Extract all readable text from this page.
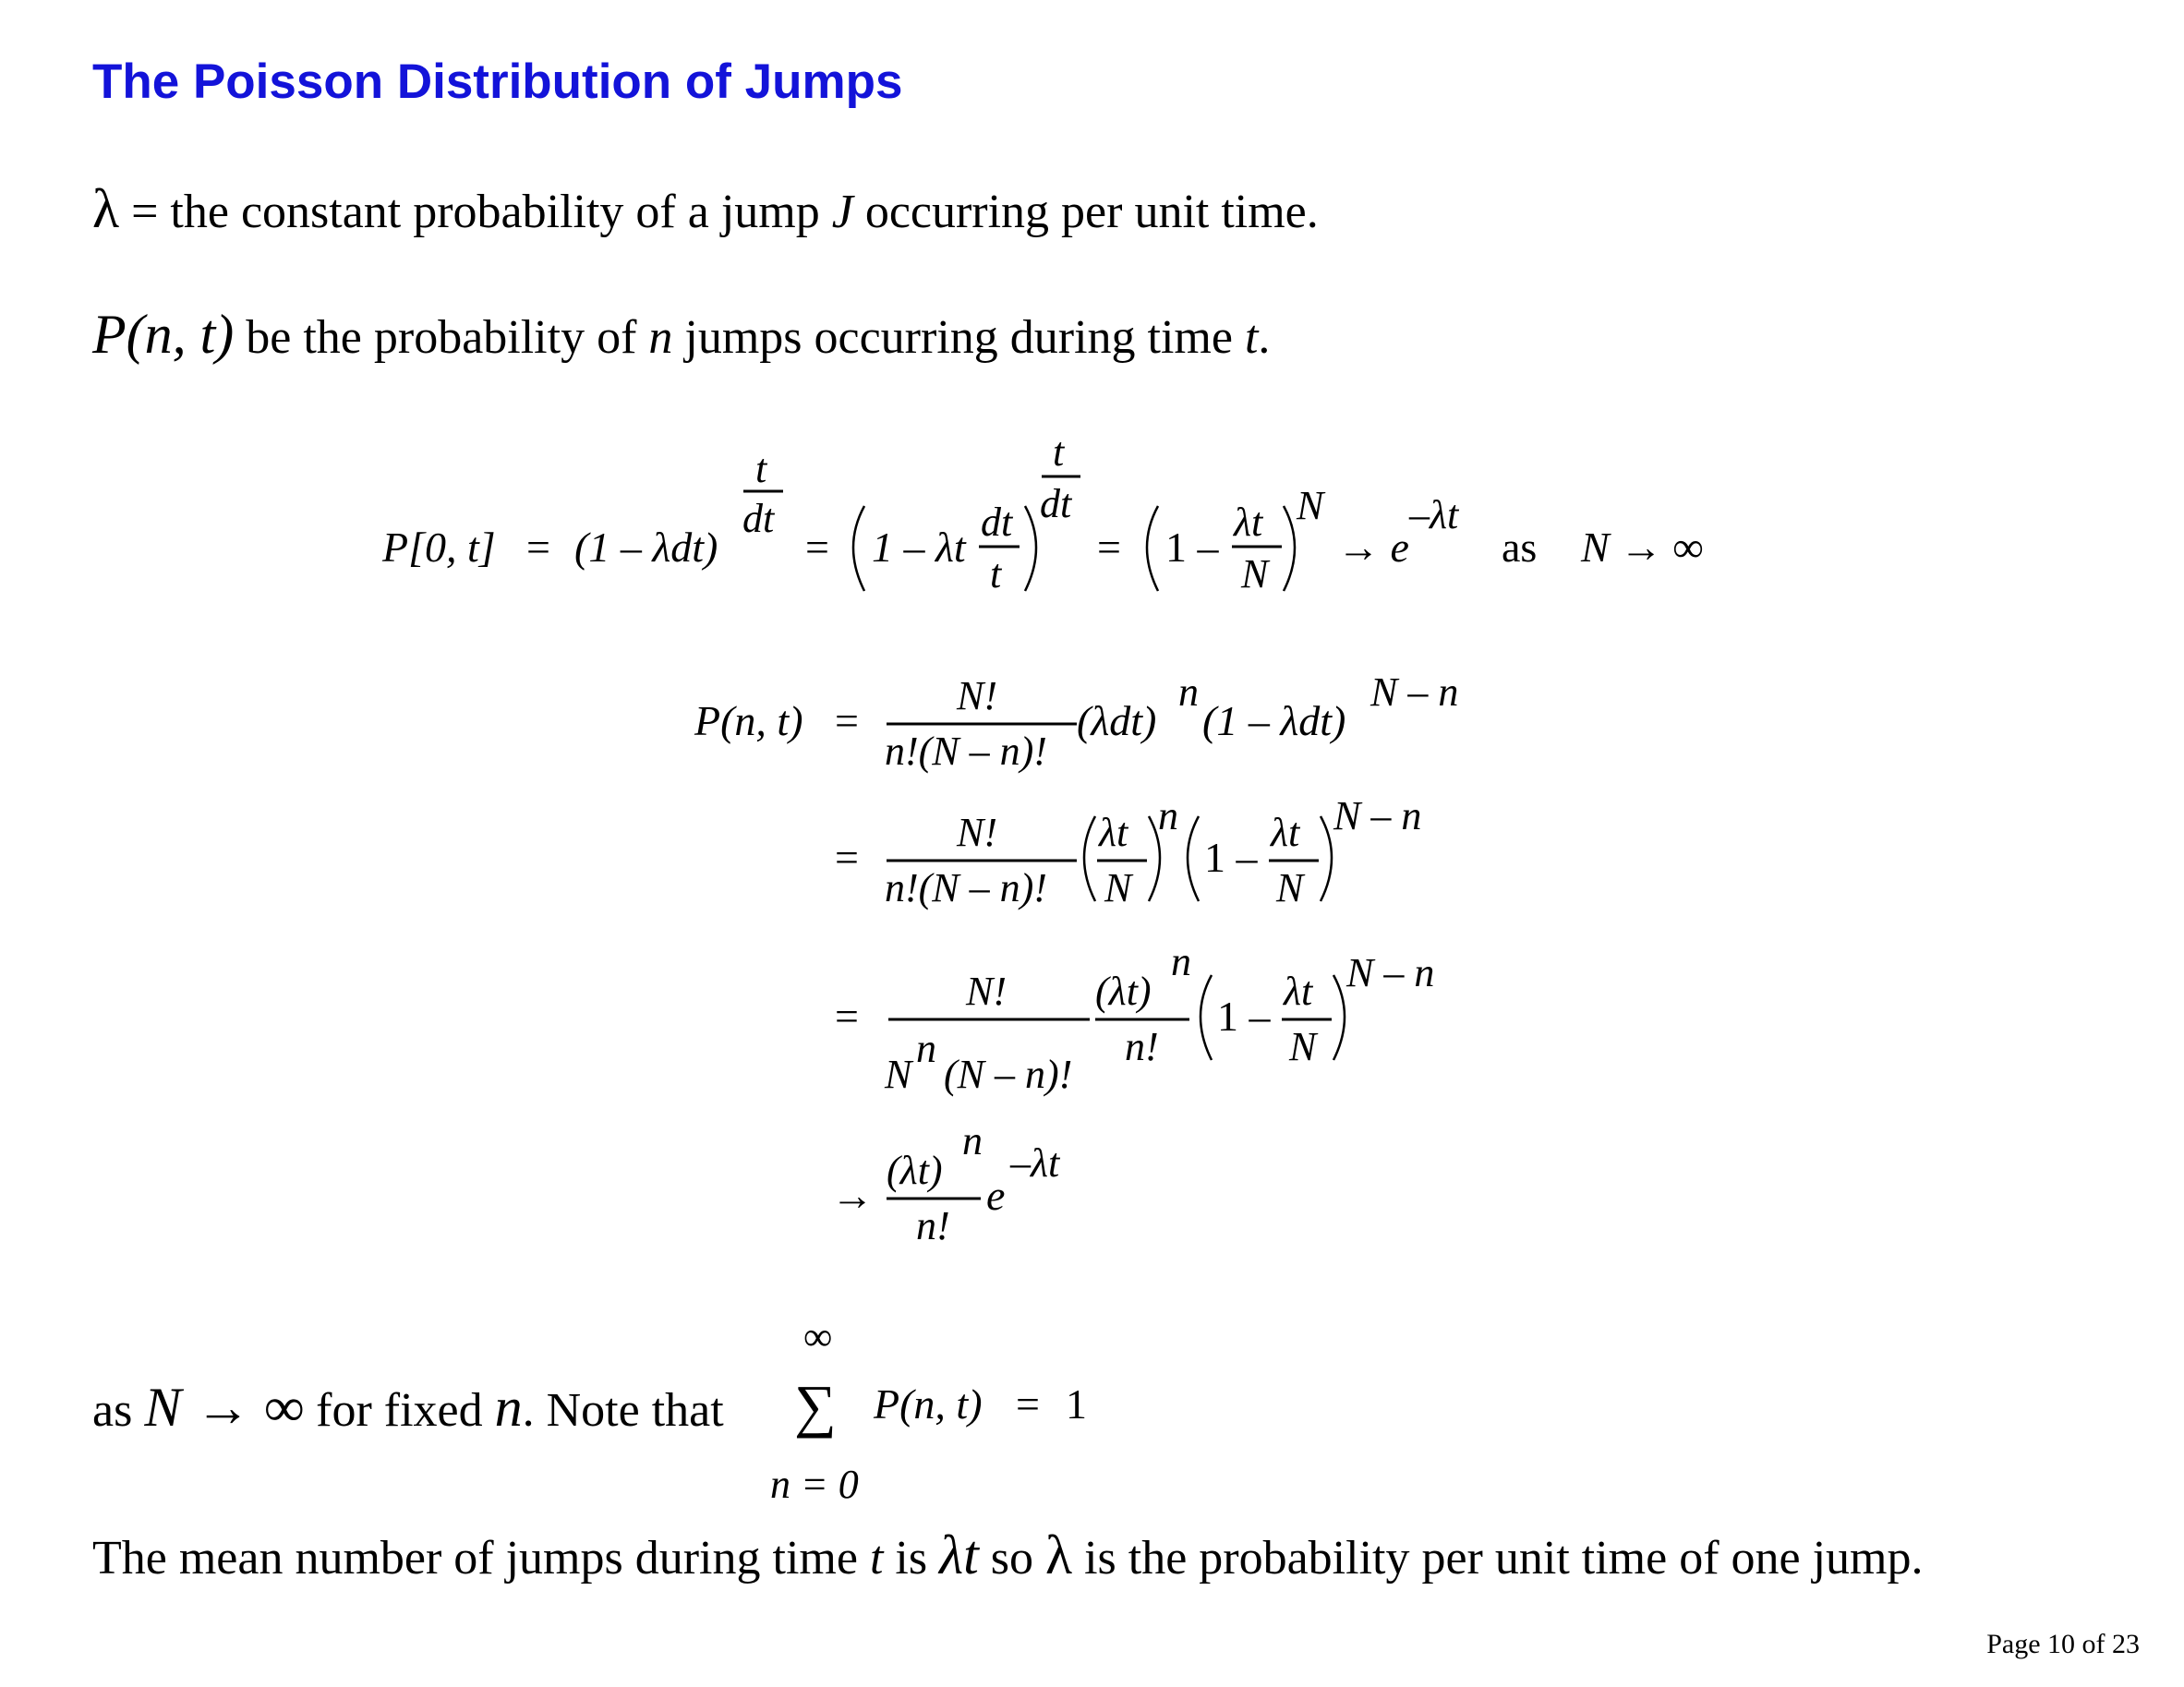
The Poisson Distribution of Jumps
λ = the constant probability of a jump J occurring per unit time.
P(n, t) be the probability of n jumps occurring during time t.
P[0, t] = (1 – λdt)
t
dt
= 1 – λt
dt
t
t
dt
= 1 –
λt
N
N
→ e
–λt
as N → ∞
P(n, t) =
N!
n!(N – n)!
(λdt)
n
(1 – λdt)
N – n
=
N!
n!(N – n)!
λt
N
n
1 –
λt
N
N – n
=
N!
N
n
(N – n)!
(λt)
n
n!
1 –
λt
N
N – n
→
(λt)
n
n!
e
–λt
∞
∑ P(n, t) = 1
n = 0
as N → ∞ for fixed n. Note that
The mean number of jumps during time t is λt so λ is the probability per unit time of one jump.
Page 10 of 23
